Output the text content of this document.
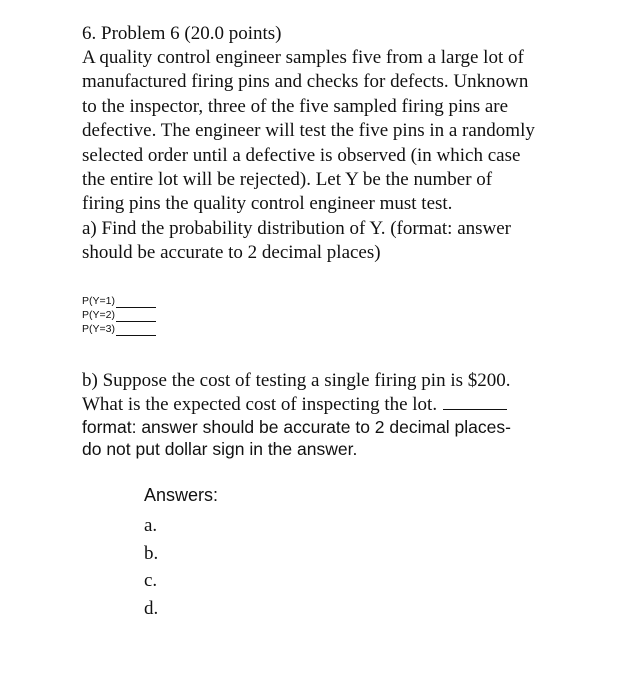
6. Problem 6 (20.0 points)
A quality control engineer samples five from a large lot of
manufactured firing pins and checks for defects. Unknown
to the inspector, three of the five sampled firing pins are
defective. The engineer will test the five pins in a randomly
selected order until a defective is observed (in which case
the entire lot will be rejected). Let Y be the number of
firing pins the quality control engineer must test.
a) Find the probability distribution of Y. (format: answer
should be accurate to 2 decimal places)
P(Y=1)
P(Y=2)
P(Y=3)
b) Suppose the cost of testing a single firing pin is $200.
What is the expected cost of inspecting the lot.
format: answer should be accurate to 2 decimal places-
do not put dollar sign in the answer.
Answers:
a.
b.
c.
d.
